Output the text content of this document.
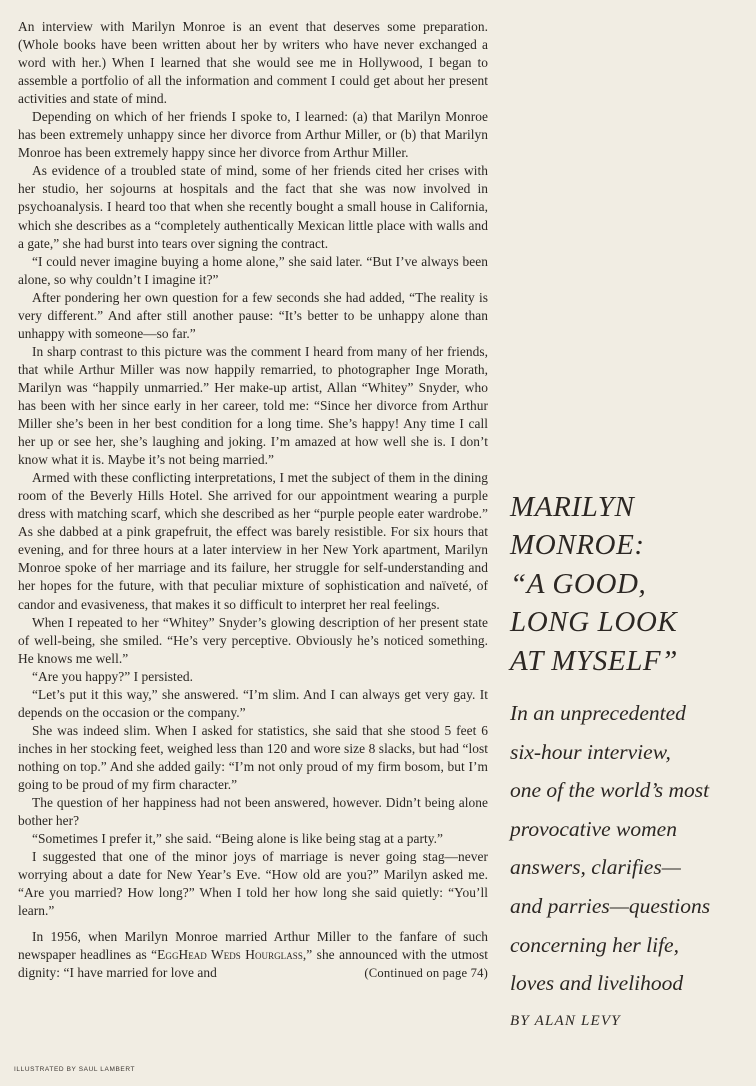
An interview with Marilyn Monroe is an event that deserves some preparation. (Whole books have been written about her by writers who have never exchanged a word with her.) When I learned that she would see me in Hollywood, I began to assemble a portfolio of all the information and comment I could get about her present activities and state of mind.

Depending on which of her friends I spoke to, I learned: (a) that Marilyn Monroe has been extremely unhappy since her divorce from Arthur Miller, or (b) that Marilyn Monroe has been extremely happy since her divorce from Arthur Miller.

As evidence of a troubled state of mind, some of her friends cited her crises with her studio, her sojourns at hospitals and the fact that she was now involved in psychoanalysis. I heard too that when she recently bought a small house in California, which she describes as a “completely authentically Mexican little place with walls and a gate,” she had burst into tears over signing the contract.

“I could never imagine buying a home alone,” she said later. “But I’ve always been alone, so why couldn’t I imagine it?”

After pondering her own question for a few seconds she had added, “The reality is very different.” And after still another pause: “It’s better to be unhappy alone than unhappy with someone—so far.”

In sharp contrast to this picture was the comment I heard from many of her friends, that while Arthur Miller was now happily remarried, to photographer Inge Morath, Marilyn was “happily unmarried.” Her make-up artist, Allan “Whitey” Snyder, who has been with her since early in her career, told me: “Since her divorce from Arthur Miller she’s been in her best condition for a long time. She’s happy! Any time I call her up or see her, she’s laughing and joking. I’m amazed at how well she is. I don’t know what it is. Maybe it’s not being married.”

Armed with these conflicting interpretations, I met the subject of them in the dining room of the Beverly Hills Hotel. She arrived for our appointment wearing a purple dress with matching scarf, which she described as her “purple people eater wardrobe.” As she dabbed at a pink grapefruit, the effect was barely resistible. For six hours that evening, and for three hours at a later interview in her New York apartment, Marilyn Monroe spoke of her marriage and its failure, her struggle for self-understanding and her hopes for the future, with that peculiar mixture of sophistication and naïveté, of candor and evasiveness, that makes it so difficult to interpret her real feelings.

When I repeated to her “Whitey” Snyder’s glowing description of her present state of well-being, she smiled. “He’s very perceptive. Obviously he’s noticed something. He knows me well.”

“Are you happy?” I persisted.

“Let’s put it this way,” she answered. “I’m slim. And I can always get very gay. It depends on the occasion or the company.”

She was indeed slim. When I asked for statistics, she said that she stood 5 feet 6 inches in her stocking feet, weighed less than 120 and wore size 8 slacks, but had “lost nothing on top.” And she added gaily: “I’m not only proud of my firm bosom, but I’m going to be proud of my firm character.”

The question of her happiness had not been answered, however. Didn’t being alone bother her?

“Sometimes I prefer it,” she said. “Being alone is like being stag at a party.”

I suggested that one of the minor joys of marriage is never going stag—never worrying about a date for New Year’s Eve. “How old are you?” Marilyn asked me. “Are you married? How long?” When I told her how long she said quietly: “You’ll learn.”

In 1956, when Marilyn Monroe married Arthur Miller to the fanfare of such newspaper headlines as “EggHead Weds Hourglass,” she announced with the utmost dignity: “I have married for love and	(Continued on page 74)

MARILYN
MONROE:
“A GOOD,
LONG LOOK
AT MYSELF”
In an unprecedented
six-hour interview,
one of the world’s most
provocative women
answers, clarifies—
and parries—questions
concerning her life,
loves and livelihood
BY ALAN LEVY
ILLUSTRATED BY SAUL LAMBERT
